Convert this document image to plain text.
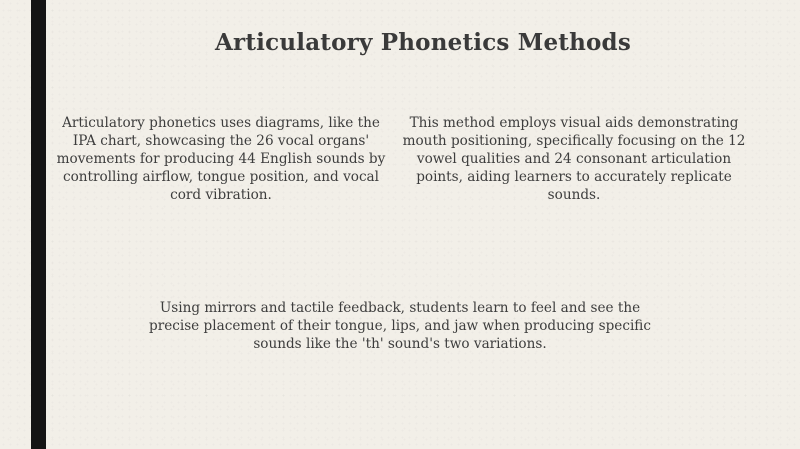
Articulatory Phonetics Methods
Articulatory phonetics uses diagrams, like the IPA chart, showcasing the 26 vocal organs' movements for producing 44 English sounds by controlling airflow, tongue position, and vocal cord vibration.
This method employs visual aids demonstrating mouth positioning, specifically focusing on the 12 vowel qualities and 24 consonant articulation points, aiding learners to accurately replicate sounds.
Using mirrors and tactile feedback, students learn to feel and see the precise placement of their tongue, lips, and jaw when producing specific sounds like the 'th' sound's two variations.
